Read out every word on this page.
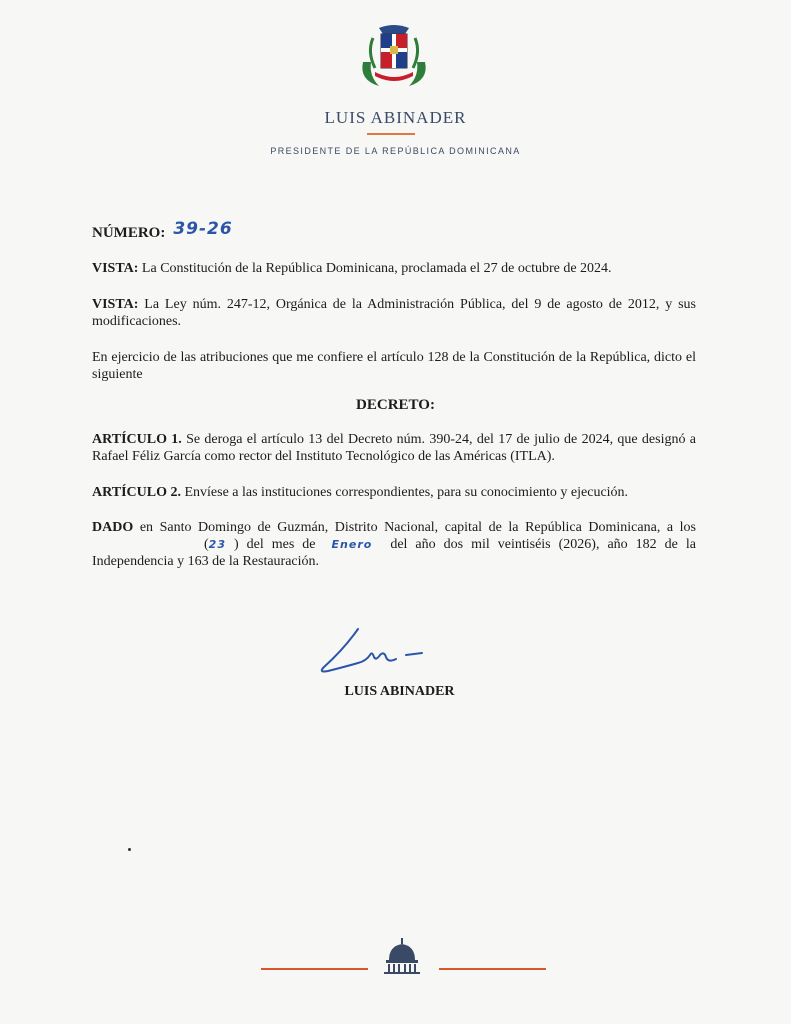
LUIS ABINADER
PRESIDENTE DE LA REPÚBLICA DOMINICANA
NÚMERO: 39-26
VISTA: La Constitución de la República Dominicana, proclamada el 27 de octubre de 2024.
VISTA: La Ley núm. 247-12, Orgánica de la Administración Pública, del 9 de agosto de 2012, y sus modificaciones.
En ejercicio de las atribuciones que me confiere el artículo 128 de la Constitución de la República, dicto el siguiente
DECRETO:
ARTÍCULO 1. Se deroga el artículo 13 del Decreto núm. 390-24, del 17 de julio de 2024, que designó a Rafael Féliz García como rector del Instituto Tecnológico de las Américas (ITLA).
ARTÍCULO 2. Envíese a las instituciones correspondientes, para su conocimiento y ejecución.
DADO en Santo Domingo de Guzmán, Distrito Nacional, capital de la República Dominicana, a los(23 ) del mes de Enero del año dos mil veintiséis (2026), año 182 de la Independencia y 163 de la Restauración.
LUIS ABINADER
